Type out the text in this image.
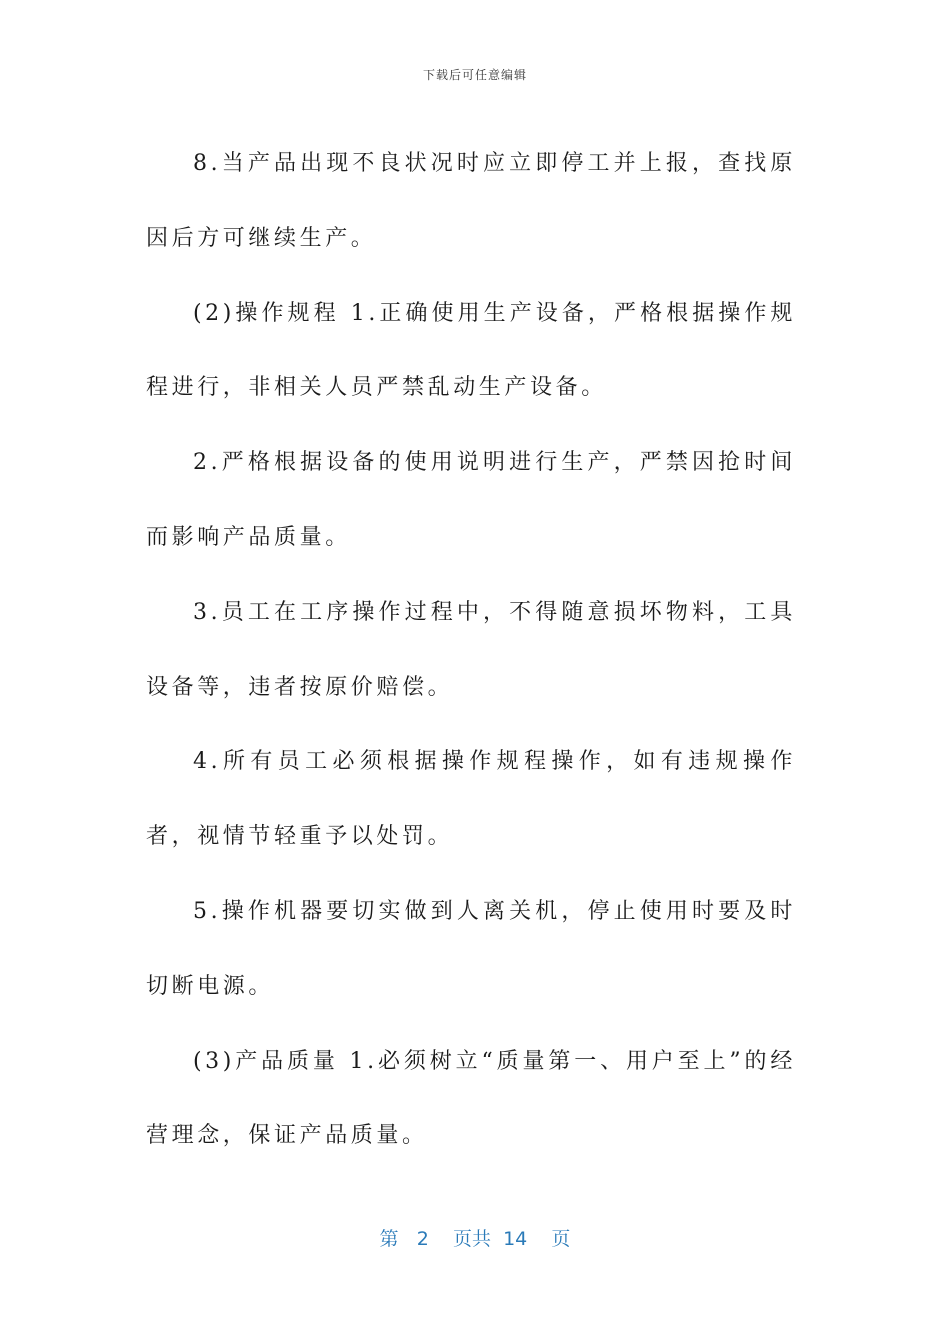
下载后可任意编辑

8.当产品出现不良状况时应立即停工并上报，查找原因后方可继续生产。

(2)操作规程 1.正确使用生产设备，严格根据操作规程进行，非相关人员严禁乱动生产设备。

2.严格根据设备的使用说明进行生产，严禁因抢时间而影响产品质量。

3.员工在工序操作过程中，不得随意损坏物料，工具设备等，违者按原价赔偿。

4.所有员工必须根据操作规程操作，如有违规操作者，视情节轻重予以处罚。

5.操作机器要切实做到人离关机，停止使用时要及时切断电源。

(3)产品质量 1.必须树立“质量第一、用户至上”的经营理念，保证产品质量。

第 2 页共 14 页
